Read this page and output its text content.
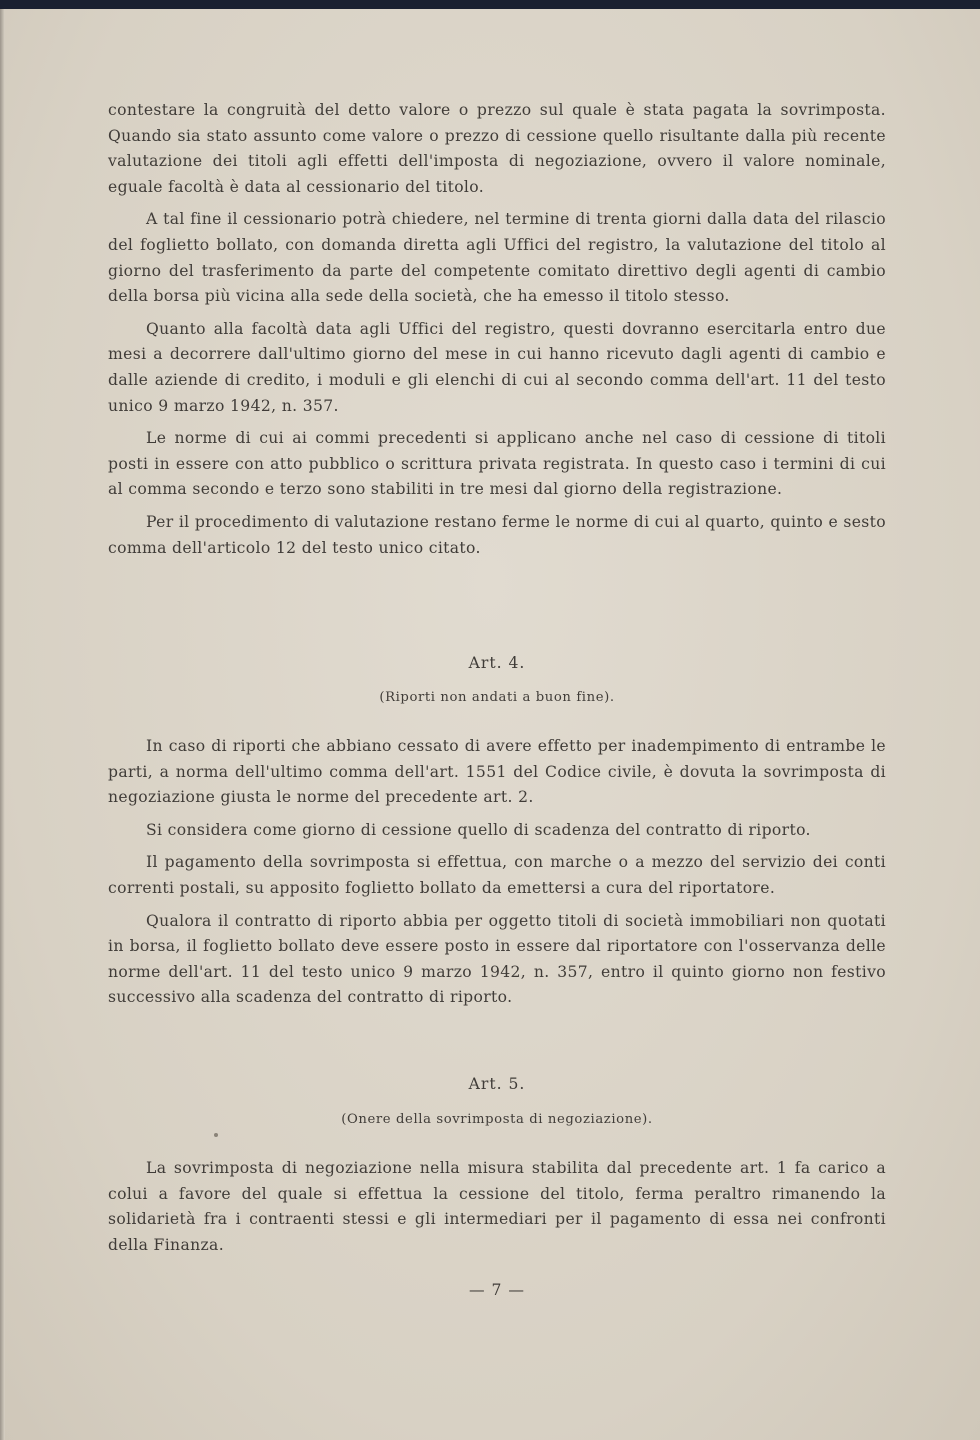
contestare la congruità del detto valore o prezzo sul quale è stata pagata la sovrimposta. Quando sia stato assunto come valore o prezzo di cessione quello risultante dalla più recente valutazione dei titoli agli effetti dell'imposta di negoziazione, ovvero il valore nominale, eguale facoltà è data al cessionario del titolo.

A tal fine il cessionario potrà chiedere, nel termine di trenta giorni dalla data del rilascio del foglietto bollato, con domanda diretta agli Uffici del registro, la valutazione del titolo al giorno del trasferimento da parte del competente comitato direttivo degli agenti di cambio della borsa più vicina alla sede della società, che ha emesso il titolo stesso.

Quanto alla facoltà data agli Uffici del registro, questi dovranno esercitarla entro due mesi a decorrere dall'ultimo giorno del mese in cui hanno ricevuto dagli agenti di cambio e dalle aziende di credito, i moduli e gli elenchi di cui al secondo comma dell'art. 11 del testo unico 9 marzo 1942, n. 357.

Le norme di cui ai commi precedenti si applicano anche nel caso di cessione di titoli posti in essere con atto pubblico o scrittura privata registrata. In questo caso i termini di cui al comma secondo e terzo sono stabiliti in tre mesi dal giorno della registrazione.

Per il procedimento di valutazione restano ferme le norme di cui al quarto, quinto e sesto comma dell'articolo 12 del testo unico citato.

Art. 4.
(Riporti non andati a buon fine).

In caso di riporti che abbiano cessato di avere effetto per inadempimento di entrambe le parti, a norma dell'ultimo comma dell'art. 1551 del Codice civile, è dovuta la sovrimposta di negoziazione giusta le norme del precedente art. 2.

Si considera come giorno di cessione quello di scadenza del contratto di riporto.

Il pagamento della sovrimposta si effettua, con marche o a mezzo del servizio dei conti correnti postali, su apposito foglietto bollato da emettersi a cura del riportatore.

Qualora il contratto di riporto abbia per oggetto titoli di società immobiliari non quotati in borsa, il foglietto bollato deve essere posto in essere dal riportatore con l'osservanza delle norme dell'art. 11 del testo unico 9 marzo 1942, n. 357, entro il quinto giorno non festivo successivo alla scadenza del contratto di riporto.

Art. 5.
(Onere della sovrimposta di negoziazione).

La sovrimposta di negoziazione nella misura stabilita dal precedente art. 1 fa carico a colui a favore del quale si effettua la cessione del titolo, ferma peraltro rimanendo la solidarietà fra i contraenti stessi e gli intermediari per il pagamento di essa nei confronti della Finanza.

— 7 —
